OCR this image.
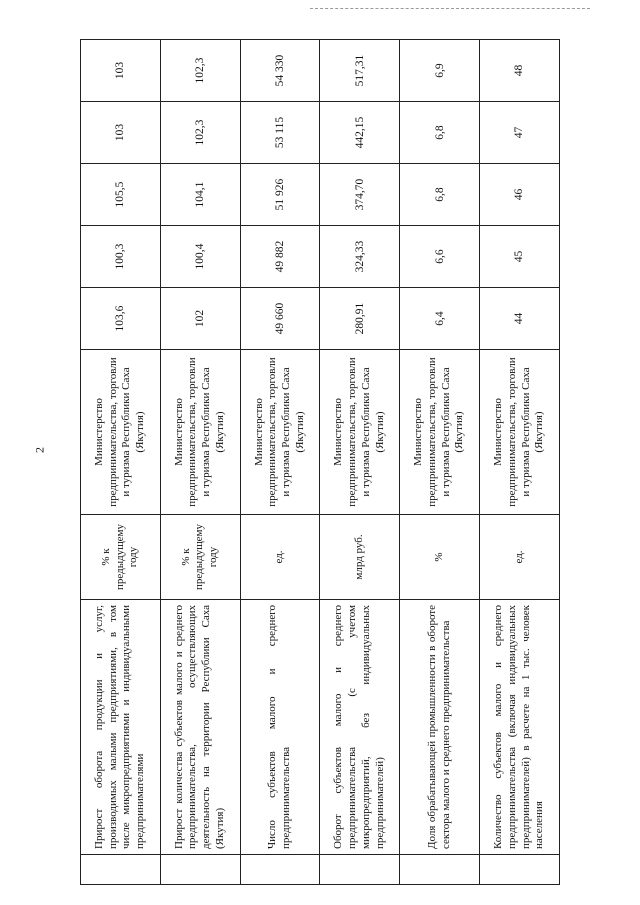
2
	Прирост оборота продукции и услуг, производимых малыми предприятиями, в том числе микропредприятиями и индивидуальными предпринимателями	% к предыдущему году	Министерство предпринимательства, торговли и туризма Республики Саха (Якутия)	103,6	100,3	105,5	103	103
	Прирост количества субъектов малого и среднего предпринимательства, осуществляющих деятельность на территории Республики Саха (Якутия)	% к предыдущему году	Министерство предпринимательства, торговли и туризма Республики Саха (Якутия)	102	100,4	104,1	102,3	102,3
	Число субъектов малого и среднего предпринимательства	ед.	Министерство предпринимательства, торговли и туризма Республики Саха (Якутия)	49 660	49 882	51 926	53 115	54 330
	Оборот субъектов малого и среднего предпринимательства (с учетом микропредприятий, без индивидуальных предпринимателей)	млрд руб.	Министерство предпринимательства, торговли и туризма Республики Саха (Якутия)	280,91	324,33	374,70	442,15	517,31
	Доля обрабатывающей промышленности в обороте сектора малого и среднего предпринимательства	%	Министерство предпринимательства, торговли и туризма Республики Саха (Якутия)	6,4	6,6	6,8	6,8	6,9
	Количество субъектов малого и среднего предпринимательства (включая индивидуальных предпринимателей) в расчете на 1 тыс. человек населения	ед.	Министерство предпринимательства, торговли и туризма Республики Саха (Якутия)	44	45	46	47	48
